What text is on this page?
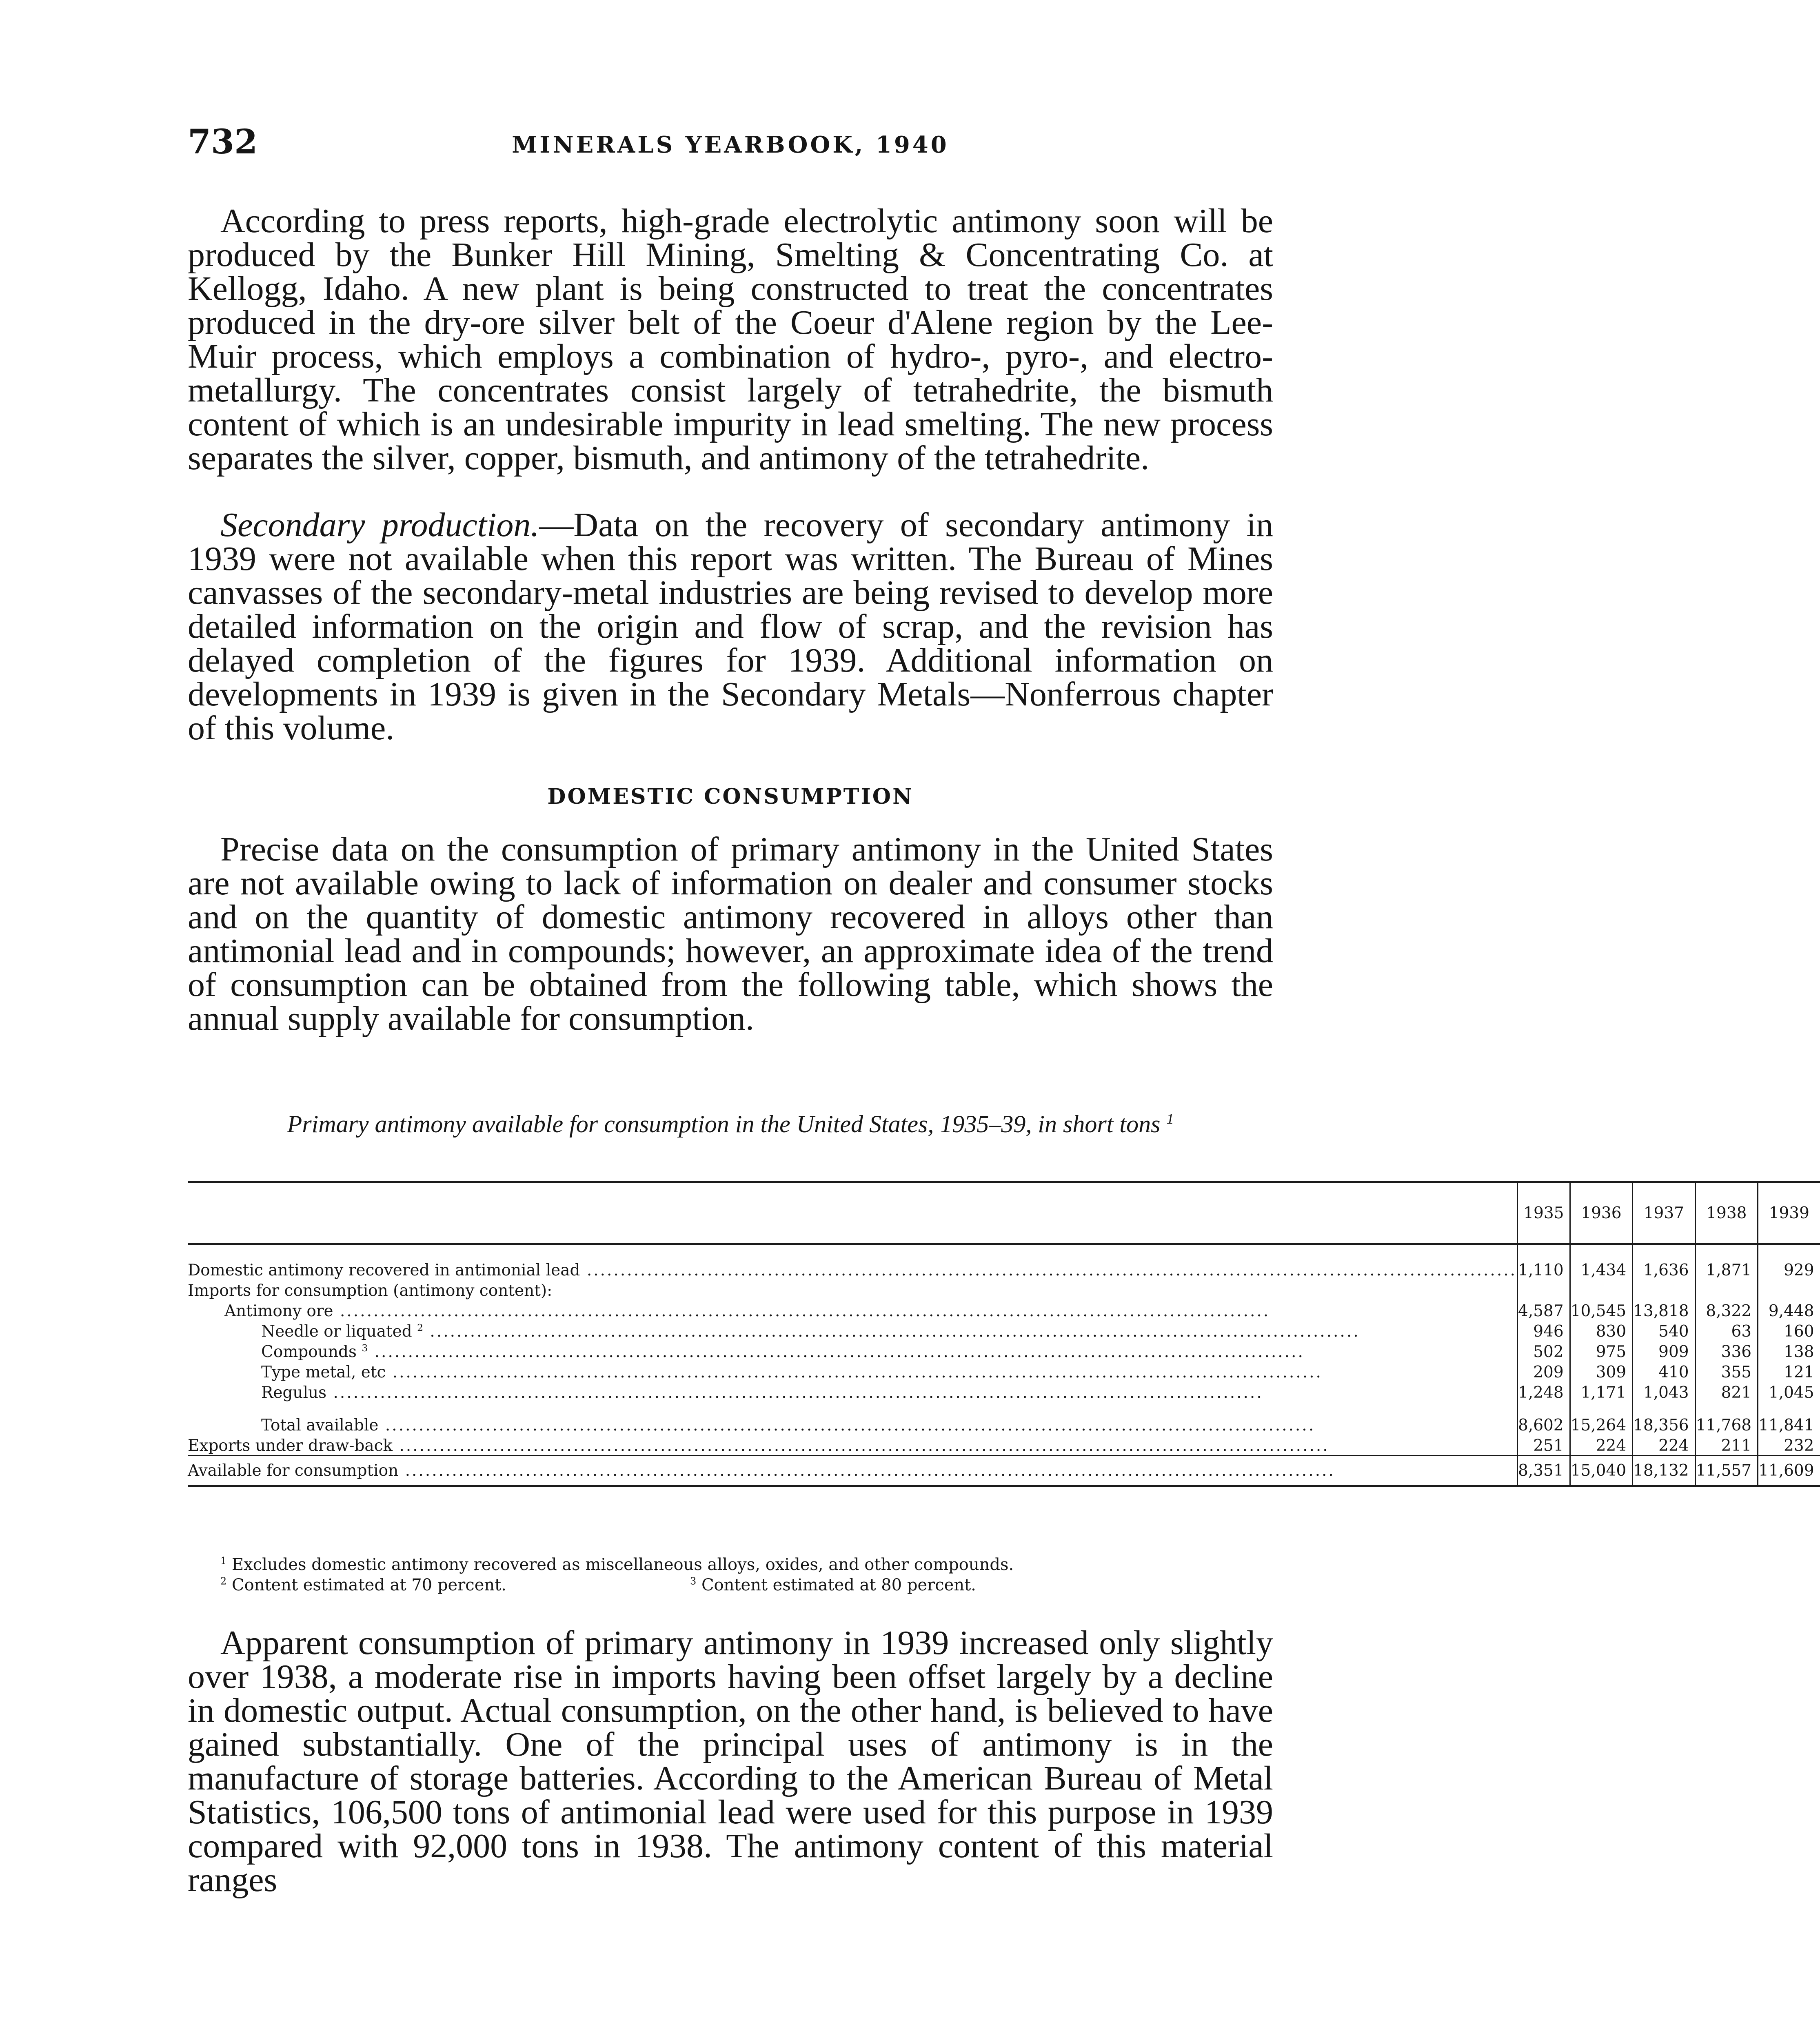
732	MINERALS YEARBOOK, 1940

According to press reports, high-grade electrolytic antimony soon will be produced by the Bunker Hill Mining, Smelting & Concentrating Co. at Kellogg, Idaho. A new plant is being constructed to treat the concentrates produced in the dry-ore silver belt of the Coeur d'Alene region by the Lee-Muir process, which employs a combination of hydro-, pyro-, and electro-metallurgy. The concentrates consist largely of tetrahedrite, the bismuth content of which is an undesirable impurity in lead smelting. The new process separates the silver, copper, bismuth, and antimony of the tetrahedrite.

Secondary production.—Data on the recovery of secondary antimony in 1939 were not available when this report was written. The Bureau of Mines canvasses of the secondary-metal industries are being revised to develop more detailed information on the origin and flow of scrap, and the revision has delayed completion of the figures for 1939. Additional information on developments in 1939 is given in the Secondary Metals—Nonferrous chapter of this volume.

DOMESTIC CONSUMPTION

Precise data on the consumption of primary antimony in the United States are not available owing to lack of information on dealer and consumer stocks and on the quantity of domestic antimony recovered in alloys other than antimonial lead and in compounds; however, an approximate idea of the trend of consumption can be obtained from the following table, which shows the annual supply available for consumption.

Primary antimony available for consumption in the United States, 1935–39, in short tons $^1$
	1935	1936	1937	1938	1939
Domestic antimony recovered in antimonial lead .....	1,110	1,434	1,636	1,871	929
Imports for consumption (antimony content):					
Antimony ore .....	4,587	10,545	13,818	8,322	9,448
Needle or liquated $^2$ .....	946	830	540	63	160
Compounds $^3$ .....	502	975	909	336	138
Type metal, etc .....	209	309	410	355	121
Regulus .....	1,248	1,171	1,043	821	1,045
Total available .....	8,602	15,264	18,356	11,768	11,841
Exports under draw-back .....	251	224	224	211	232
Available for consumption .....	8,351	15,040	18,132	11,557	11,609
$^1$ Excludes domestic antimony recovered as miscellaneous alloys, oxides, and other compounds.
$^2$ Content estimated at 70 percent.	$^3$ Content estimated at 80 percent.

Apparent consumption of primary antimony in 1939 increased only slightly over 1938, a moderate rise in imports having been offset largely by a decline in domestic output. Actual consumption, on the other hand, is believed to have gained substantially. One of the principal uses of antimony is in the manufacture of storage batteries. According to the American Bureau of Metal Statistics, 106,500 tons of antimonial lead were used for this purpose in 1939 compared with 92,000 tons in 1938. The antimony content of this material ranges
